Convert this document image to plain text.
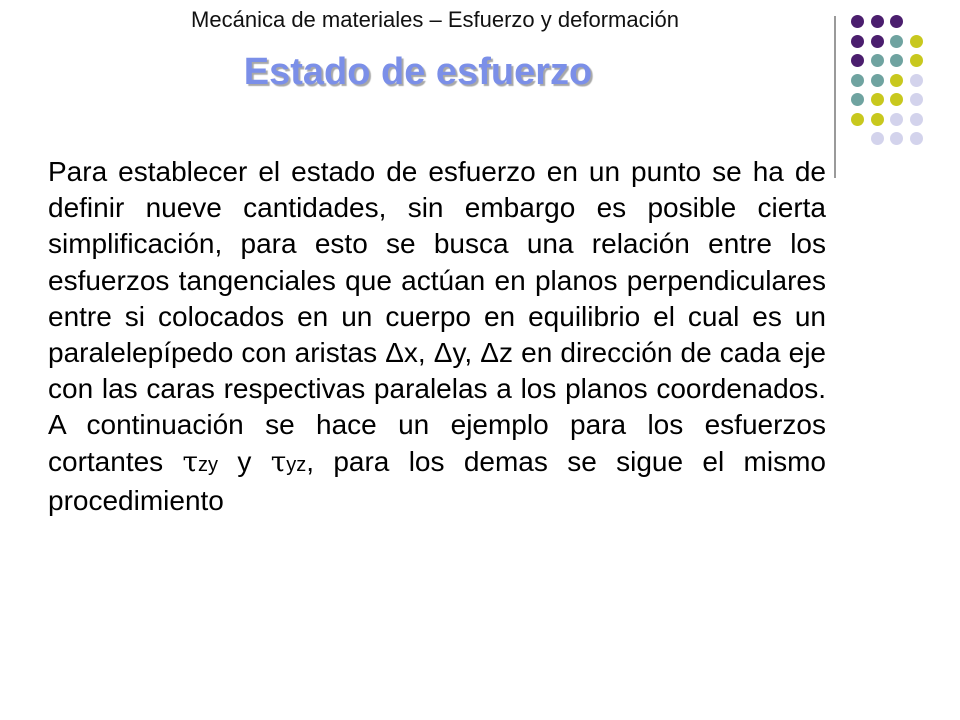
Mecánica de materiales – Esfuerzo y deformación
Estado de esfuerzo
Para establecer el estado de esfuerzo en un punto se ha de definir nueve cantidades, sin embargo es posible cierta simplificación, para esto se busca una relación entre los esfuerzos tangenciales que actúan en planos perpendiculares entre si colocados en un cuerpo en equilibrio el cual es un paralelepípedo con aristas Δx, Δy, Δz en dirección de cada eje con las caras respectivas paralelas a los planos coordenados. A continuación se hace un ejemplo para los esfuerzos cortantes τzy y τyz, para los demas se sigue el mismo procedimiento
